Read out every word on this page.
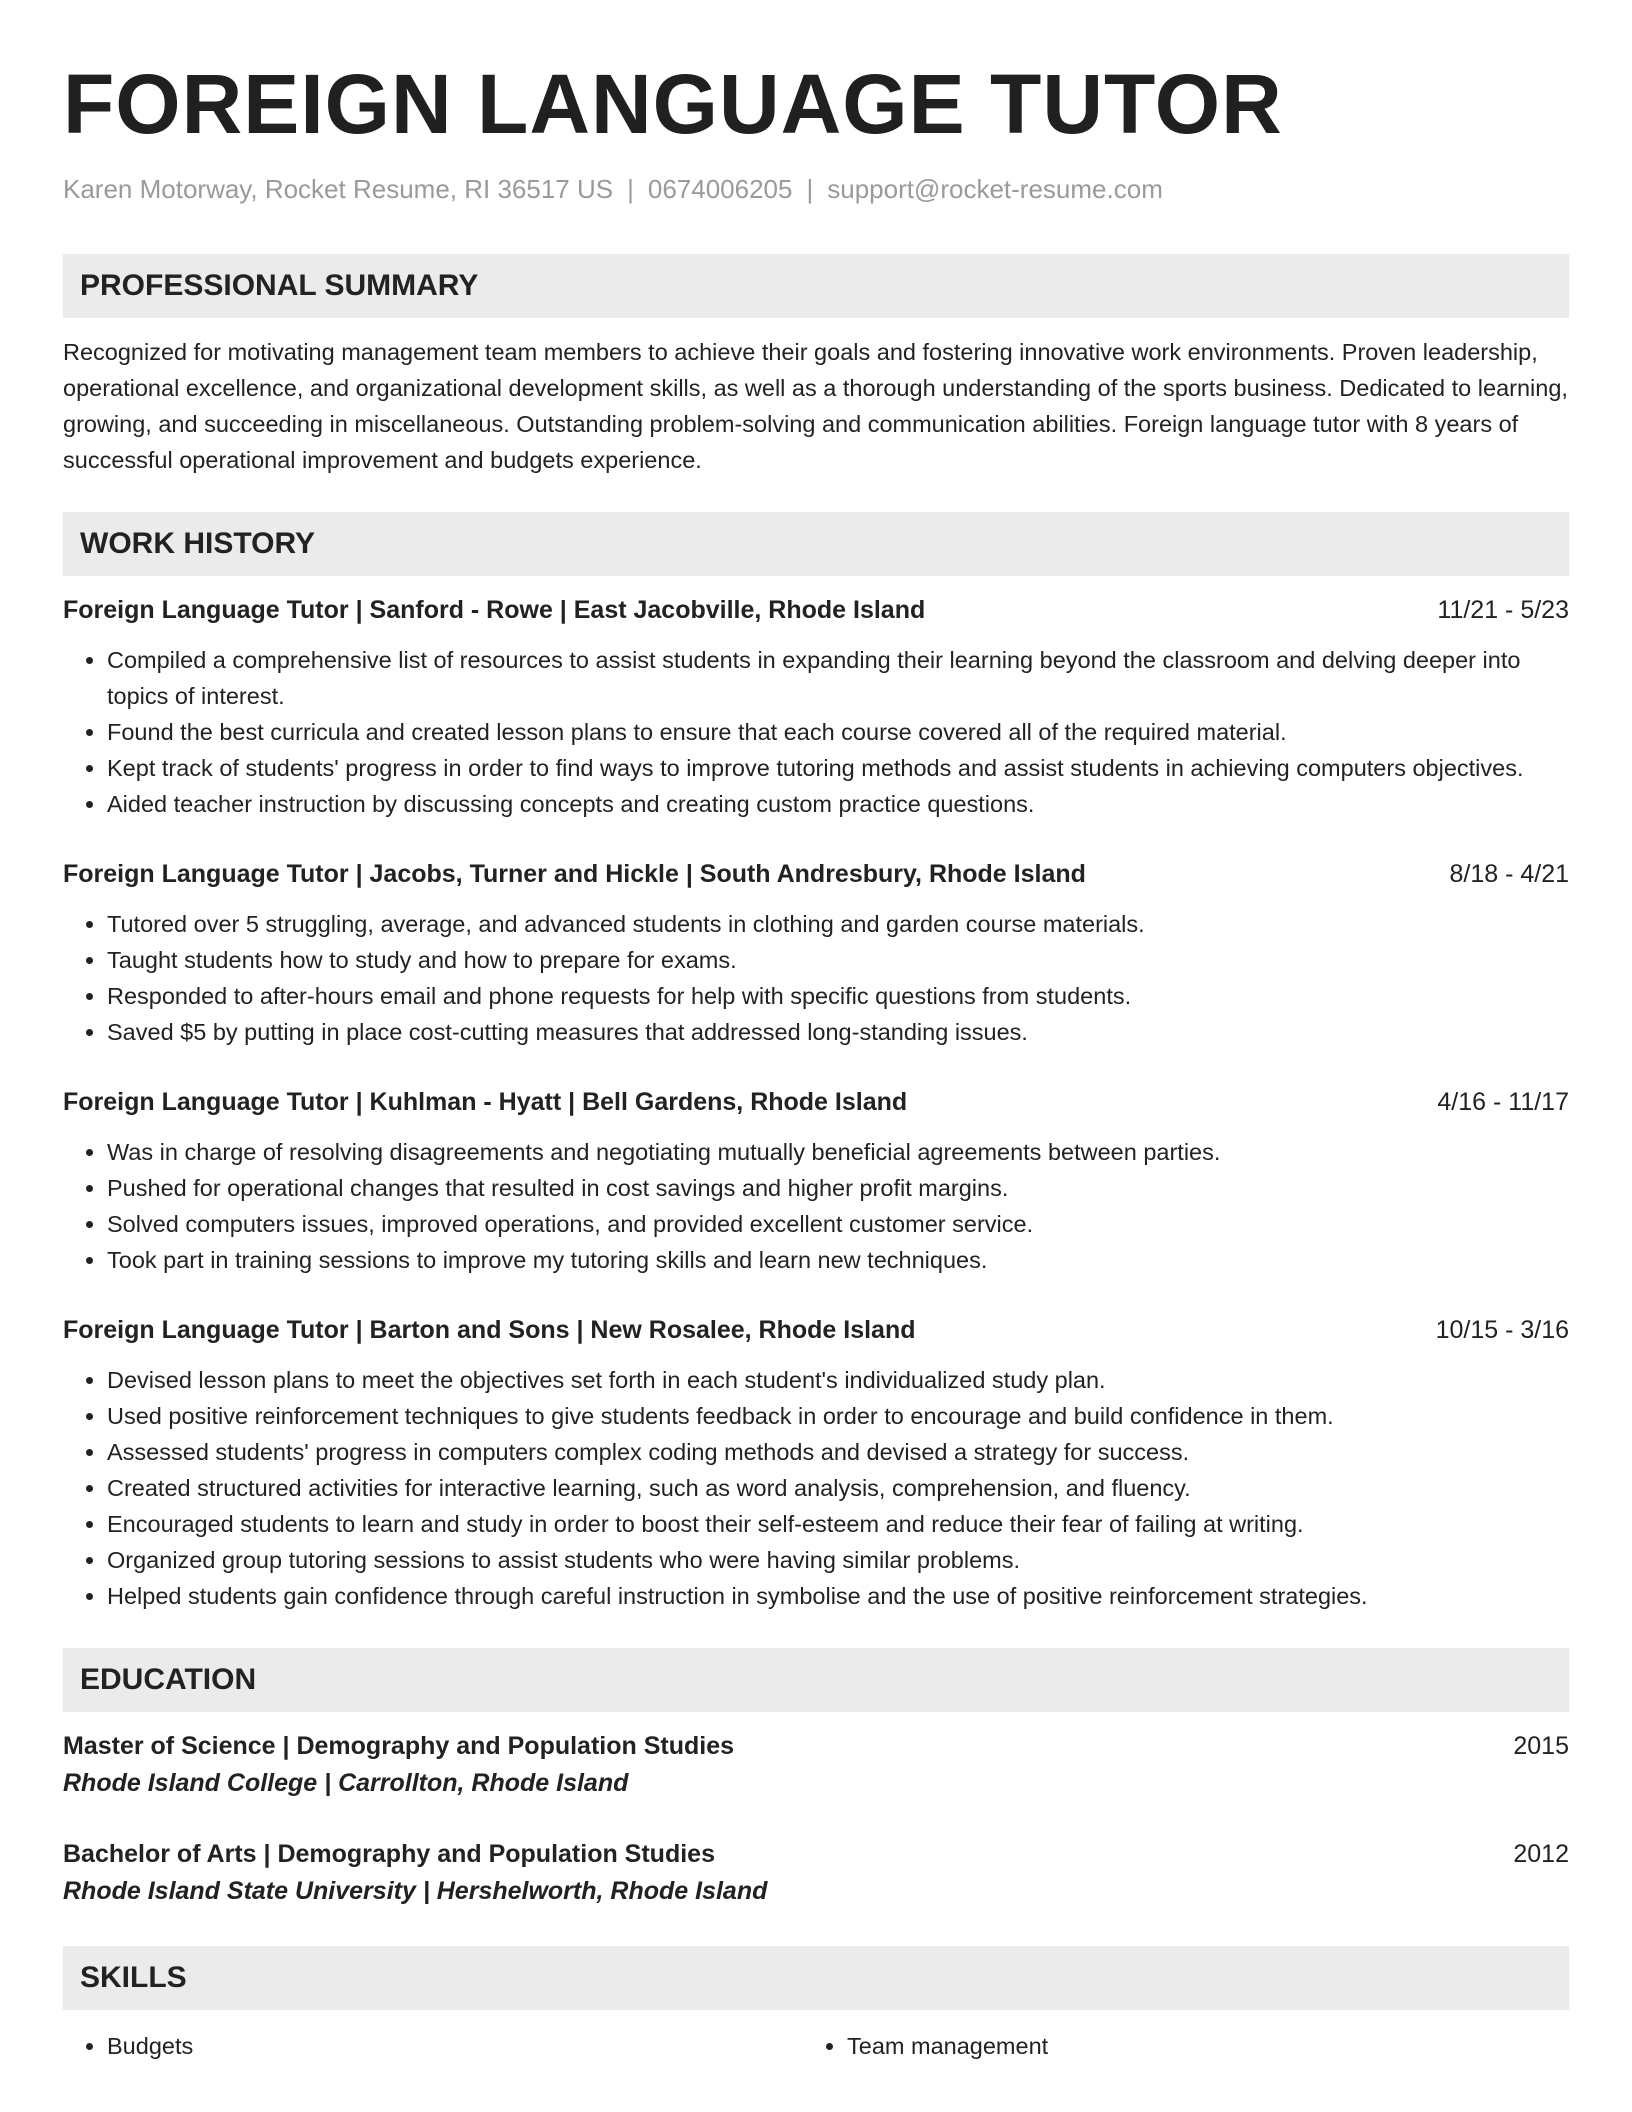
FOREIGN LANGUAGE TUTOR
Karen Motorway, Rocket Resume, RI 36517 US | 0674006205 | support@rocket-resume.com
PROFESSIONAL SUMMARY
Recognized for motivating management team members to achieve their goals and fostering innovative work environments. Proven leadership, operational excellence, and organizational development skills, as well as a thorough understanding of the sports business. Dedicated to learning, growing, and succeeding in miscellaneous. Outstanding problem-solving and communication abilities. Foreign language tutor with 8 years of successful operational improvement and budgets experience.
WORK HISTORY
Foreign Language Tutor | Sanford - Rowe | East Jacobville, Rhode Island	11/21 - 5/23
• Compiled a comprehensive list of resources to assist students in expanding their learning beyond the classroom and delving deeper into topics of interest.
• Found the best curricula and created lesson plans to ensure that each course covered all of the required material.
• Kept track of students' progress in order to find ways to improve tutoring methods and assist students in achieving computers objectives.
• Aided teacher instruction by discussing concepts and creating custom practice questions.
Foreign Language Tutor | Jacobs, Turner and Hickle | South Andresbury, Rhode Island	8/18 - 4/21
• Tutored over 5 struggling, average, and advanced students in clothing and garden course materials.
• Taught students how to study and how to prepare for exams.
• Responded to after-hours email and phone requests for help with specific questions from students.
• Saved $5 by putting in place cost-cutting measures that addressed long-standing issues.
Foreign Language Tutor | Kuhlman - Hyatt | Bell Gardens, Rhode Island	4/16 - 11/17
• Was in charge of resolving disagreements and negotiating mutually beneficial agreements between parties.
• Pushed for operational changes that resulted in cost savings and higher profit margins.
• Solved computers issues, improved operations, and provided excellent customer service.
• Took part in training sessions to improve my tutoring skills and learn new techniques.
Foreign Language Tutor | Barton and Sons | New Rosalee, Rhode Island	10/15 - 3/16
• Devised lesson plans to meet the objectives set forth in each student's individualized study plan.
• Used positive reinforcement techniques to give students feedback in order to encourage and build confidence in them.
• Assessed students' progress in computers complex coding methods and devised a strategy for success.
• Created structured activities for interactive learning, such as word analysis, comprehension, and fluency.
• Encouraged students to learn and study in order to boost their self-esteem and reduce their fear of failing at writing.
• Organized group tutoring sessions to assist students who were having similar problems.
• Helped students gain confidence through careful instruction in symbolise and the use of positive reinforcement strategies.
EDUCATION
Master of Science | Demography and Population Studies	2015
Rhode Island College | Carrollton, Rhode Island
Bachelor of Arts | Demography and Population Studies	2012
Rhode Island State University | Hershelworth, Rhode Island
SKILLS
• Budgets
•	Team management
